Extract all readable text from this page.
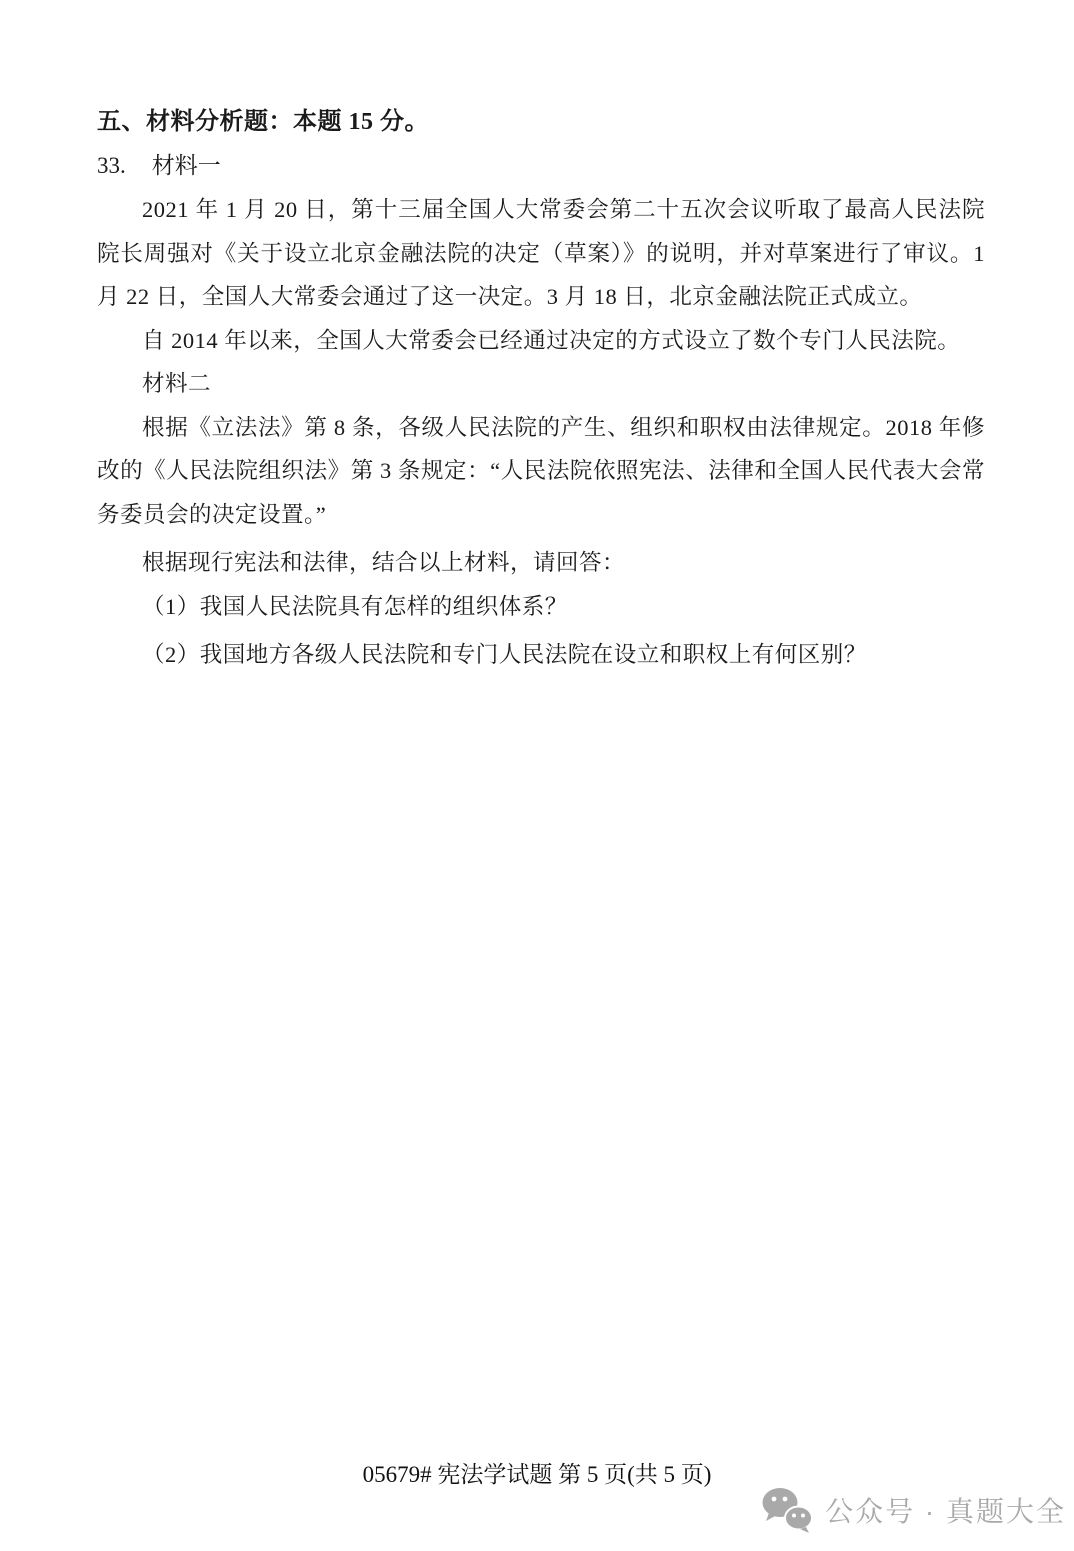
五、材料分析题：本题 15 分。
33. 材料一

2021 年 1 月 20 日，第十三届全国人大常委会第二十五次会议听取了最高人民法院院长周强对《关于设立北京金融法院的决定（草案）》的说明，并对草案进行了审议。1 月 22 日，全国人大常委会通过了这一决定。3 月 18 日，北京金融法院正式成立。

自 2014 年以来，全国人大常委会已经通过决定的方式设立了数个专门人民法院。

材料二

根据《立法法》第 8 条，各级人民法院的产生、组织和职权由法律规定。2018 年修改的《人民法院组织法》第 3 条规定：“人民法院依照宪法、法律和全国人民代表大会常务委员会的决定设置。”

根据现行宪法和法律，结合以上材料，请回答：

（1）我国人民法院具有怎样的组织体系？

（2）我国地方各级人民法院和专门人民法院在设立和职权上有何区别？

05679# 宪法学试题 第 5 页(共 5 页)
公众号 · 真题大全
